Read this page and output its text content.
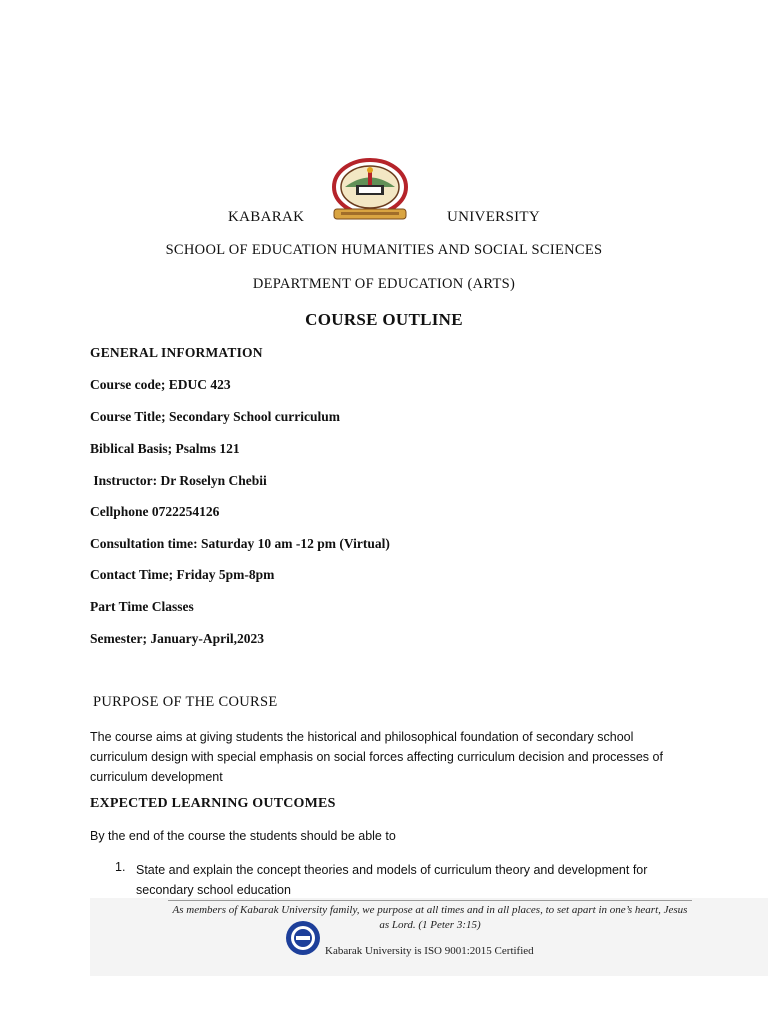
KABARAK	UNIVERSITY
SCHOOL OF EDUCATION HUMANITIES AND SOCIAL SCIENCES
DEPARTMENT OF EDUCATION (ARTS)
COURSE OUTLINE
GENERAL INFORMATION
Course code; EDUC 423
Course Title; Secondary School curriculum
Biblical Basis; Psalms 121
Instructor: Dr Roselyn Chebii
Cellphone 0722254126
Consultation time: Saturday 10 am -12 pm (Virtual)
Contact Time; Friday 5pm-8pm
Part Time Classes
Semester; January-April,2023
PURPOSE OF THE COURSE
The course aims at giving students the historical and philosophical foundation of secondary school curriculum design with special emphasis on social forces affecting curriculum decision and processes of curriculum development
EXPECTED LEARNING OUTCOMES
By the end of the course the students should be able to
1. State and explain the concept theories and models of curriculum theory and development for secondary school education
As members of Kabarak University family, we purpose at all times and in all places, to set apart in one’s heart, Jesus as Lord. (1 Peter 3:15)
Kabarak University is ISO 9001:2015 Certified
